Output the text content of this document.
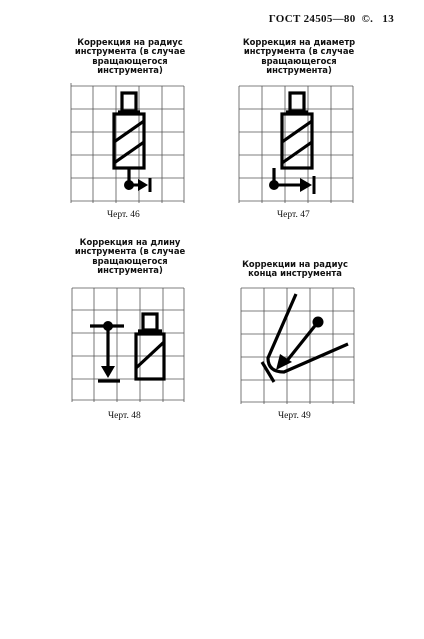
ГОСТ 24505—80  ©.   13
Коррекция на радиус
инструмента (в случае
вращающегося
инструмента)
Черт. 46
Коррекция на диаметр
инструмента (в случае
вращающегося
инструмента)
Черт. 47
Коррекция на длину
инструмента (в случае
вращающегося
инструмента)
Черт. 48
Коррекции на радиус
конца инструмента
Черт. 49
